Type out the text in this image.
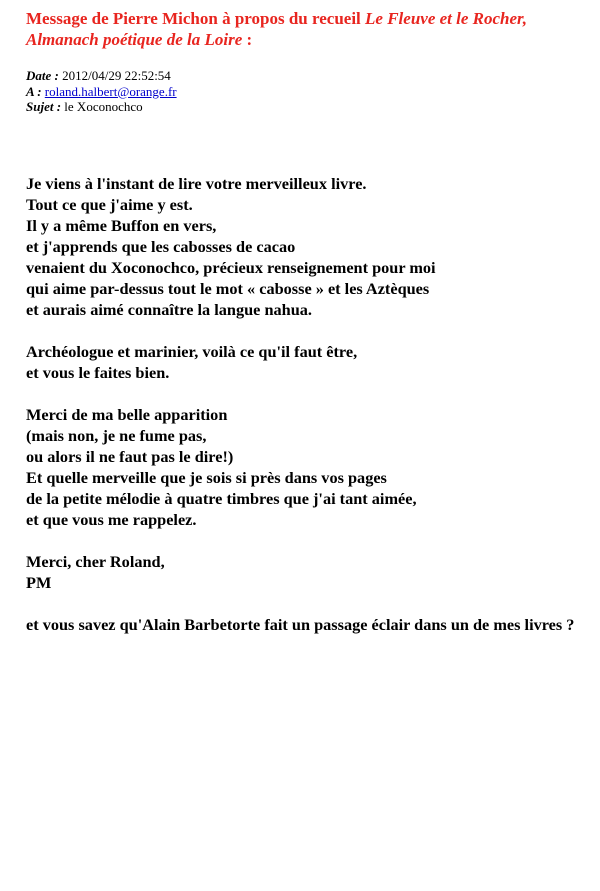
Message de Pierre Michon à propos du recueil Le Fleuve et le Rocher,
Almanach poétique de la Loire :
Date : 2012/04/29 22:52:54
A : roland.halbert@orange.fr
Sujet : le Xoconochco
Je viens à l'instant de lire votre merveilleux livre.
Tout ce que j'aime y est.
Il y a même Buffon en vers,
et j'apprends que les cabosses de cacao
venaient du Xoconochco, précieux renseignement pour moi
qui aime par-dessus tout le mot « cabosse » et les Aztèques
et aurais aimé connaître la langue nahua.
Archéologue et marinier, voilà ce qu'il faut être,
et vous le faites bien.
Merci de ma belle apparition
(mais non, je ne fume pas,
ou alors il ne faut pas le dire!)
Et quelle merveille que je sois si près dans vos pages
de la petite mélodie à quatre timbres que j'ai tant aimée,
et que vous me rappelez.
Merci, cher Roland,
PM
et vous savez qu'Alain Barbetorte fait un passage éclair dans un de mes livres ?
